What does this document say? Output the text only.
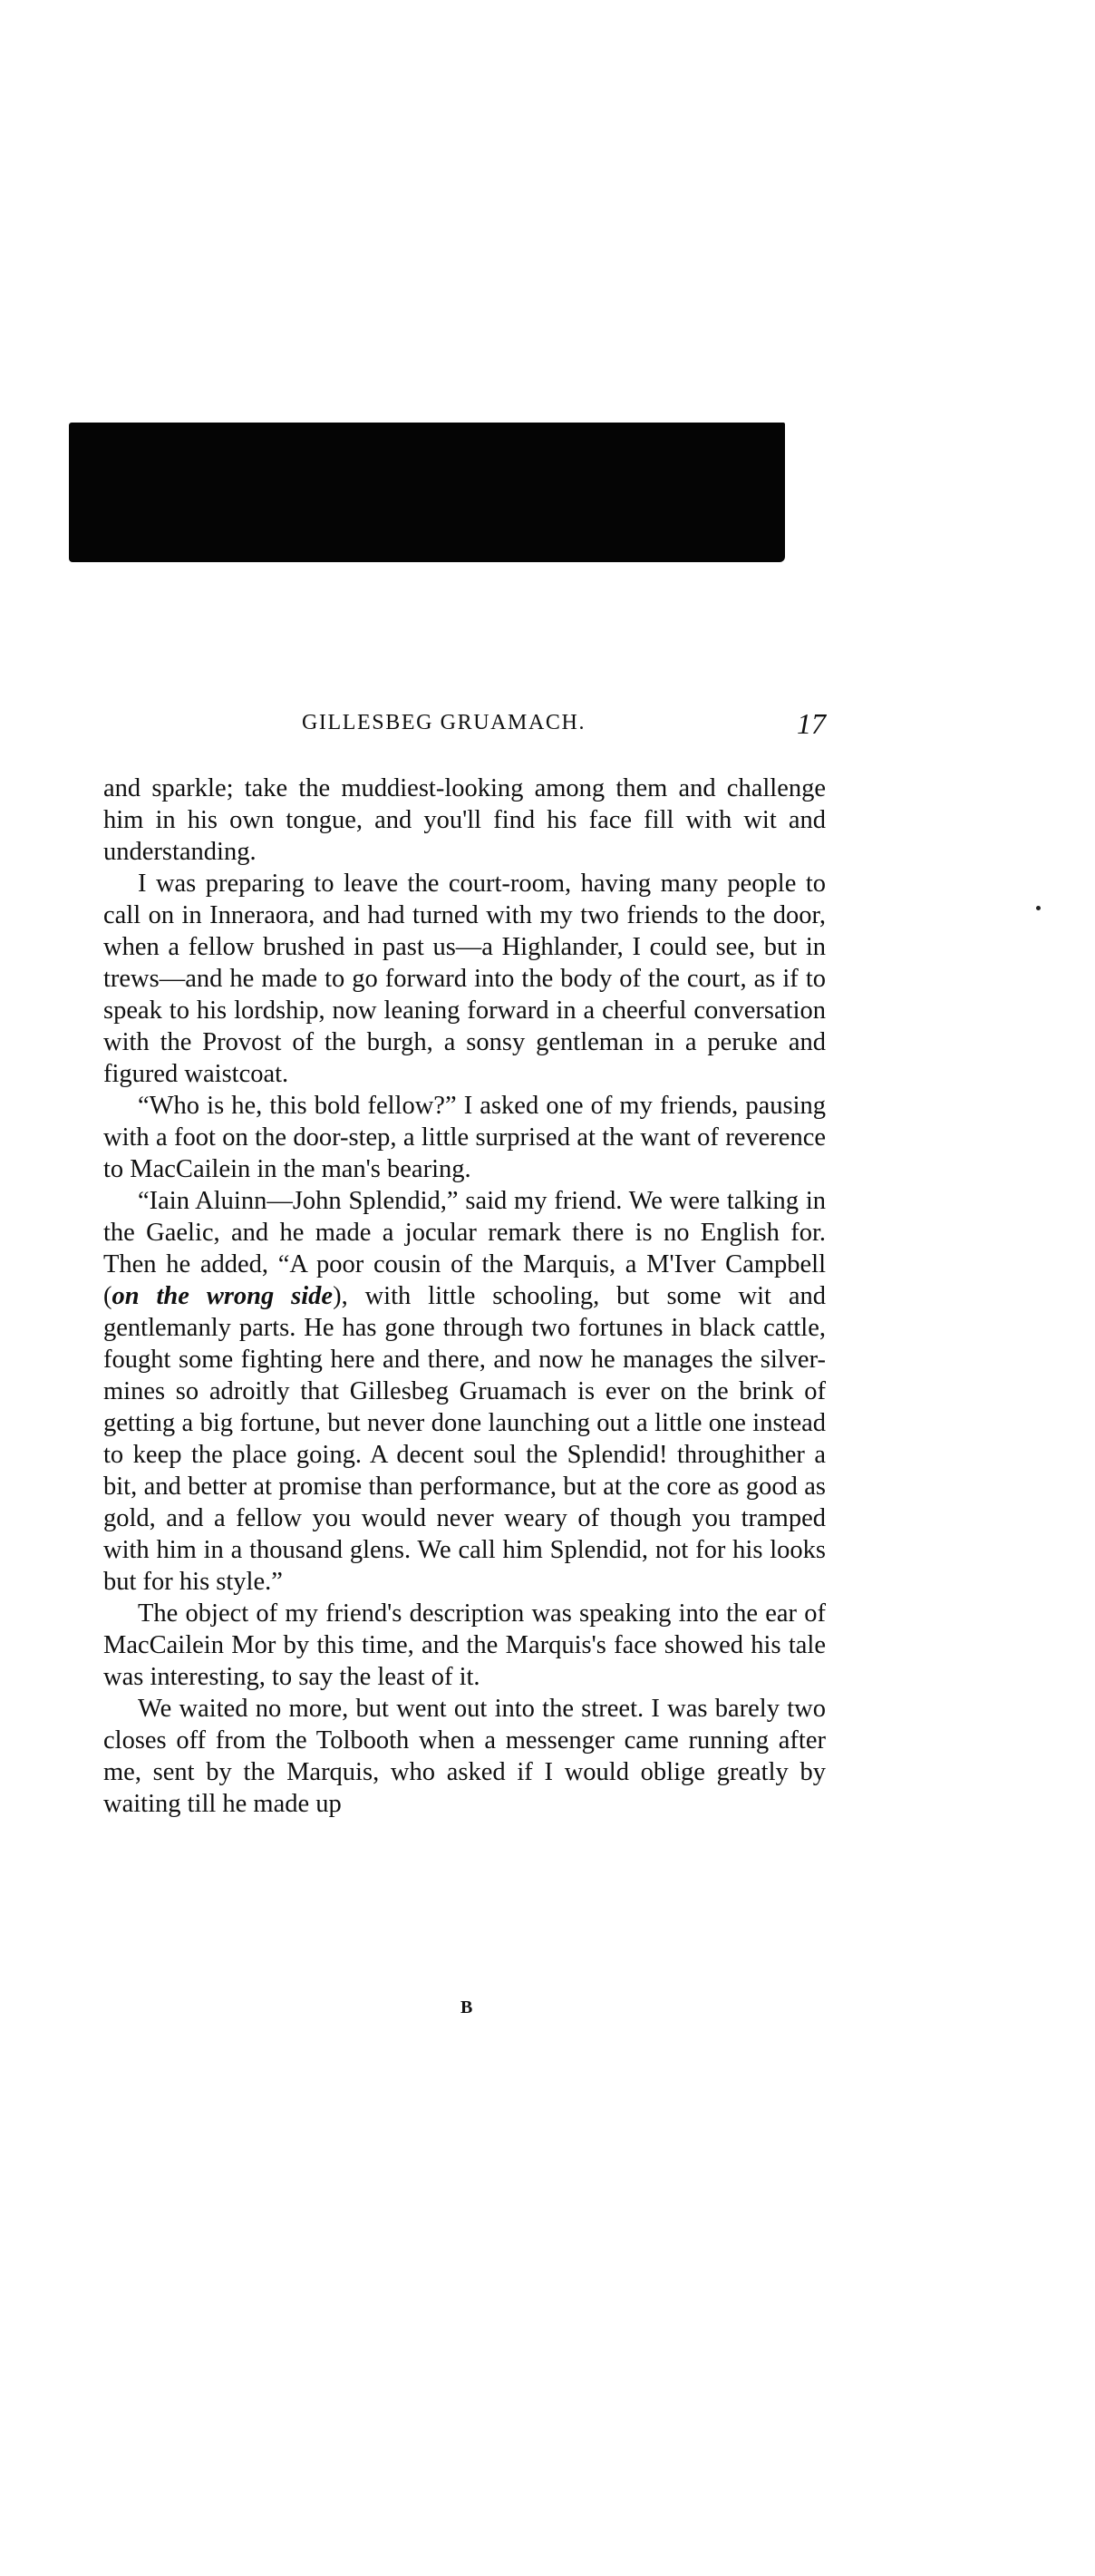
GILLESBEG GRUAMACH.	17

and sparkle; take the muddiest-looking among them and challenge him in his own tongue, and you'll find his face fill with wit and understanding.

I was preparing to leave the court-room, having many people to call on in Inneraora, and had turned with my two friends to the door, when a fellow brushed in past us—a Highlander, I could see, but in trews—and he made to go forward into the body of the court, as if to speak to his lordship, now leaning forward in a cheerful conversation with the Provost of the burgh, a sonsy gentleman in a peruke and figured waistcoat.

“Who is he, this bold fellow?” I asked one of my friends, pausing with a foot on the door-step, a little surprised at the want of reverence to MacCailein in the man's bearing.

“Iain Aluinn—John Splendid,” said my friend. We were talking in the Gaelic, and he made a jocular remark there is no English for. Then he added, “A poor cousin of the Marquis, a M'Iver Campbell (on the wrong side), with little schooling, but some wit and gentlemanly parts. He has gone through two fortunes in black cattle, fought some fighting here and there, and now he manages the silver-mines so adroitly that Gillesbeg Gruamach is ever on the brink of getting a big fortune, but never done launching out a little one instead to keep the place going. A decent soul the Splendid! throughither a bit, and better at promise than performance, but at the core as good as gold, and a fellow you would never weary of though you tramped with him in a thousand glens. We call him Splendid, not for his looks but for his style.”

The object of my friend's description was speaking into the ear of MacCailein Mor by this time, and the Marquis's face showed his tale was interesting, to say the least of it.

We waited no more, but went out into the street. I was barely two closes off from the Tolbooth when a messenger came running after me, sent by the Marquis, who asked if I would oblige greatly by waiting till he made up

B
